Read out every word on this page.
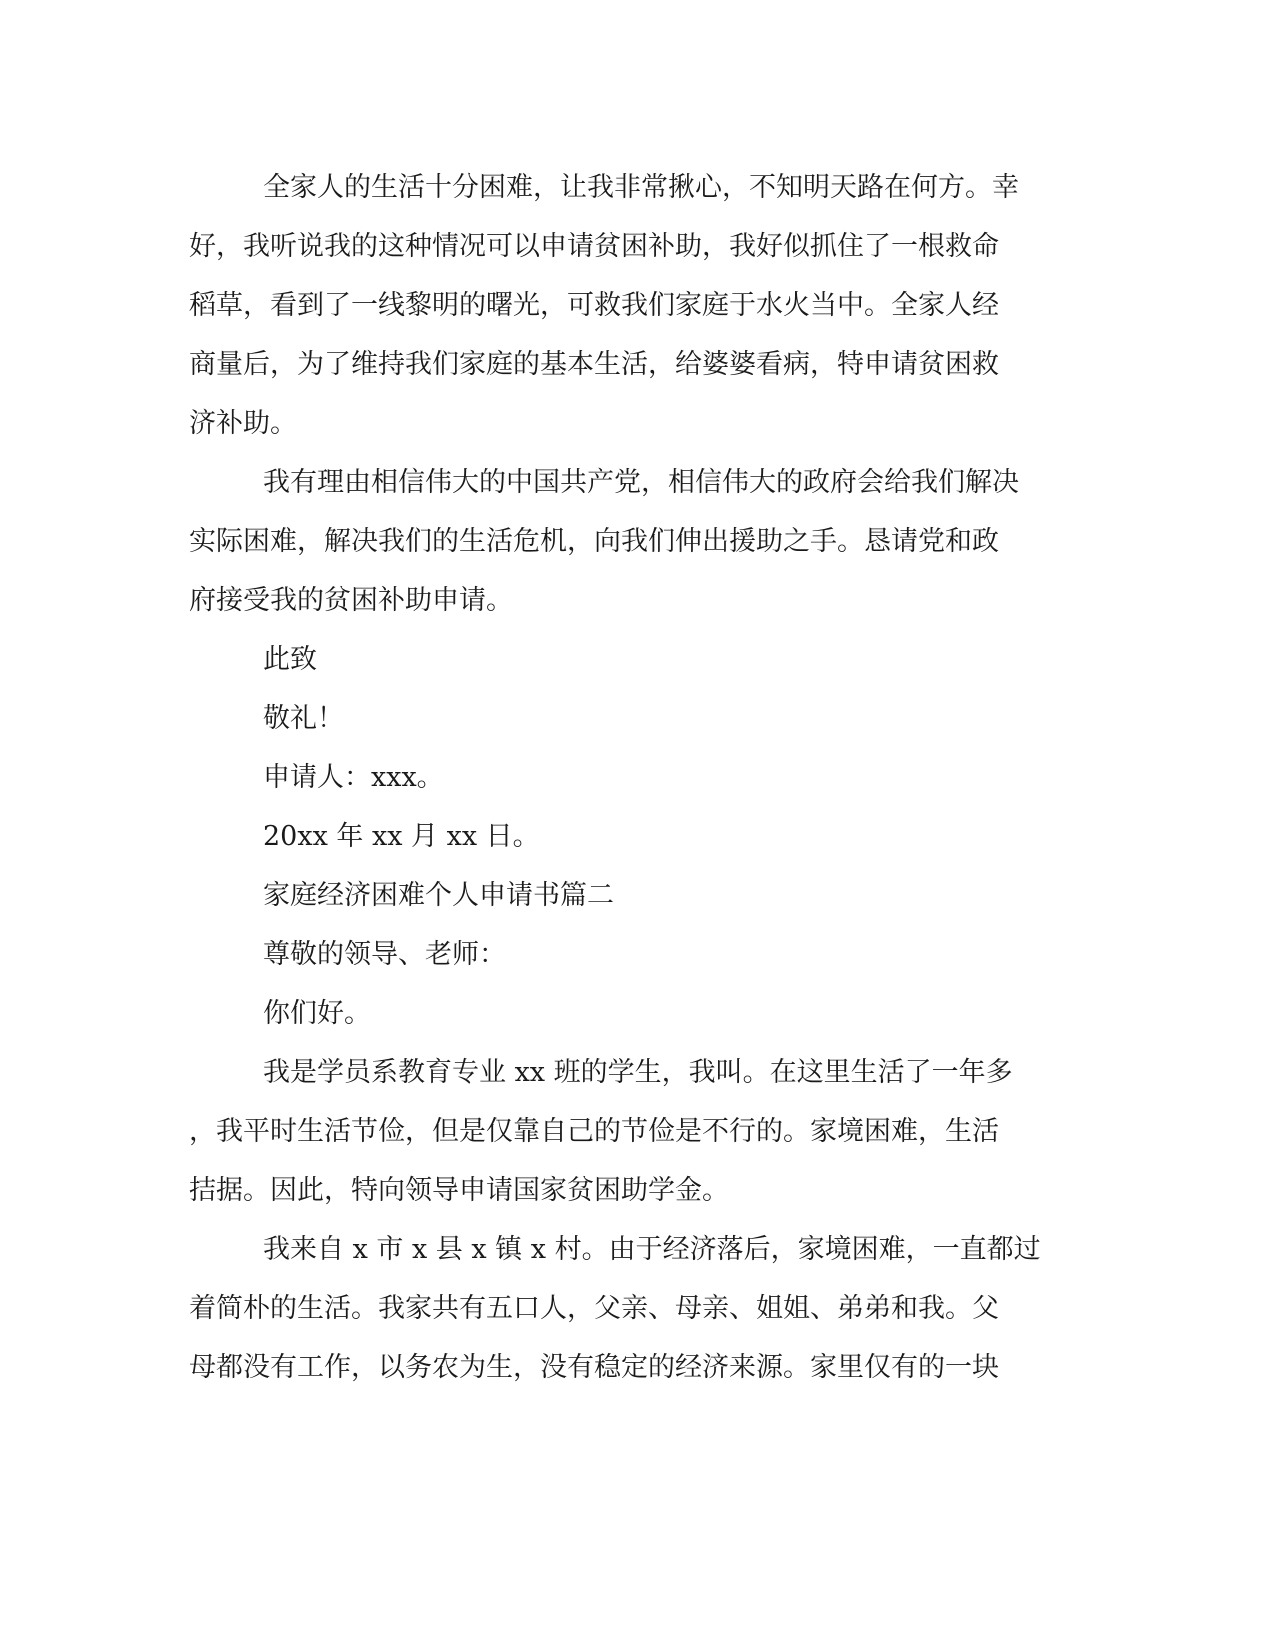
全家人的生活十分困难，让我非常揪心，不知明天路在何方。幸

好，我听说我的这种情况可以申请贫困补助，我好似抓住了一根救命

稻草，看到了一线黎明的曙光，可救我们家庭于水火当中。全家人经

商量后，为了维持我们家庭的基本生活，给婆婆看病，特申请贫困救

济补助。

我有理由相信伟大的中国共产党，相信伟大的政府会给我们解决

实际困难，解决我们的生活危机，向我们伸出援助之手。恳请党和政

府接受我的贫困补助申请。

此致

敬礼！

申请人：xxx。

20xx 年 xx 月 xx 日。

家庭经济困难个人申请书篇二

尊敬的领导、老师：

你们好。

我是学员系教育专业 xx 班的学生，我叫。在这里生活了一年多

，我平时生活节俭，但是仅靠自己的节俭是不行的。家境困难，生活

拮据。因此，特向领导申请国家贫困助学金。

我来自 x 市 x 县 x 镇 x 村。由于经济落后，家境困难，一直都过

着简朴的生活。我家共有五口人，父亲、母亲、姐姐、弟弟和我。父

母都没有工作，以务农为生，没有稳定的经济来源。家里仅有的一块
